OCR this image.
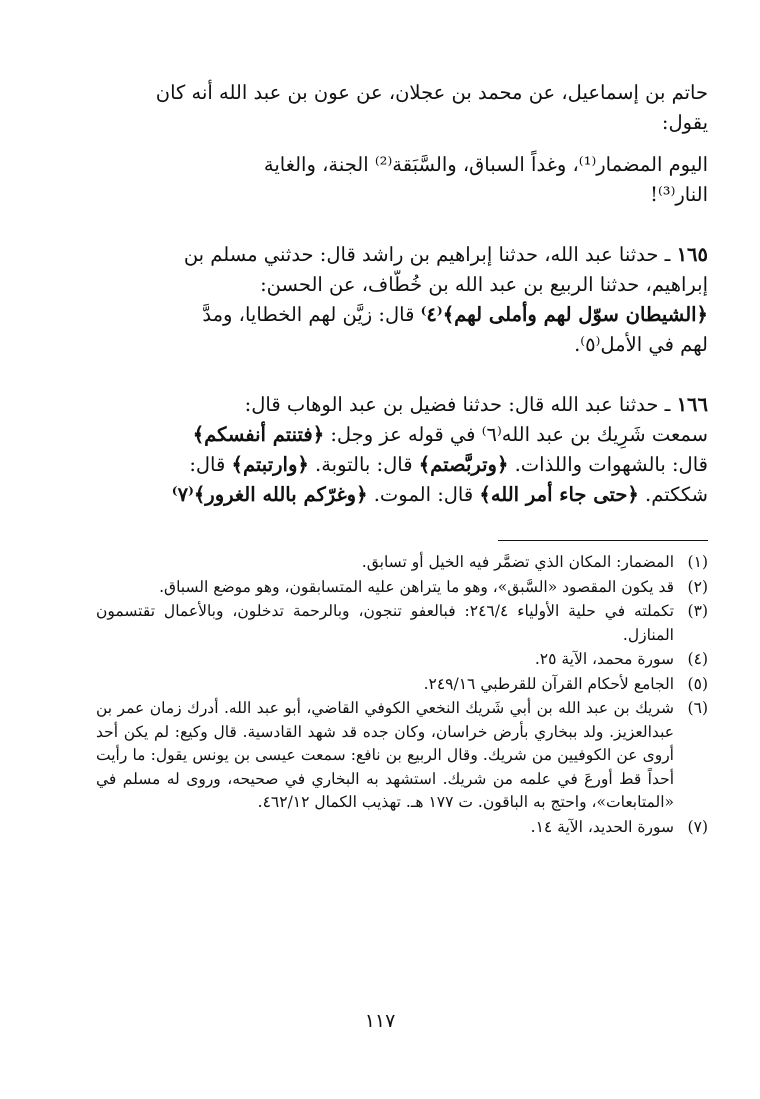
حاتم بن إسماعيل، عن محمد بن عجلان، عن عون بن عبد الله أنه كان
يقول:
اليوم المضمار⁽¹⁾، وغداً السباق، والسَّبَقة⁽²⁾ الجنة، والغاية
النار⁽³⁾!
١٦٥ ـ حدثنا عبد الله، حدثنا إبراهيم بن راشد قال: حدثني مسلم بن
إبراهيم، حدثنا الربيع بن عبد الله بن خُطَّاف، عن الحسن:
﴿الشيطان سوّل لهم وأملى لهم﴾⁽٤⁾ قال: زيَّن لهم الخطايا، ومدَّ
لهم في الأمل⁽٥⁾.
١٦٦ ـ حدثنا عبد الله قال: حدثنا فضيل بن عبد الوهاب قال:
سمعت شَرِيك بن عبد الله⁽٦⁾ في قوله عز وجل: ﴿فتنتم أنفسكم﴾
قال: بالشهوات واللذات. ﴿وتربَّصتم﴾ قال: بالتوبة. ﴿وارتبتم﴾ قال:
شككتم. ﴿حتى جاء أمر الله﴾ قال: الموت. ﴿وغرّكم بالله الغرور﴾⁽٧⁾
(١)
المضمار: المكان الذي تضمَّر فيه الخيل أو تسابق.
(٢)
قد يكون المقصود «السَّبق»، وهو ما يتراهن عليه المتسابقون، وهو موضع السباق.
(٣)
تكملته في حلية الأولياء ٢٤٦/٤: فبالعفو تنجون، وبالرحمة تدخلون، وبالأعمال تقتسمون المنازل.
(٤)
سورة محمد، الآية ٢٥.
(٥)
الجامع لأحكام القرآن للقرطبي ٢٤٩/١٦.
(٦)
شريك بن عبد الله بن أبي شَريك النخعي الكوفي القاضي، أبو عبد الله. أدرك زمان عمر بن عبدالعزيز. ولد ببخاري بأرض خراسان، وكان جده قد شهد القادسية. قال وكيع: لم يكن أحد أروى عن الكوفيين من شريك. وقال الربيع بن نافع: سمعت عيسى بن يونس يقول: ما رأيت أحداً قط أورعَ في علمه من شريك. استشهد به البخاري في صحيحه، وروى له مسلم في «المتابعات»، واحتج به الباقون. ت ١٧٧ هـ. تهذيب الكمال ٤٦٢/١٢.
(٧)
سورة الحديد، الآية ١٤.
١١٧
